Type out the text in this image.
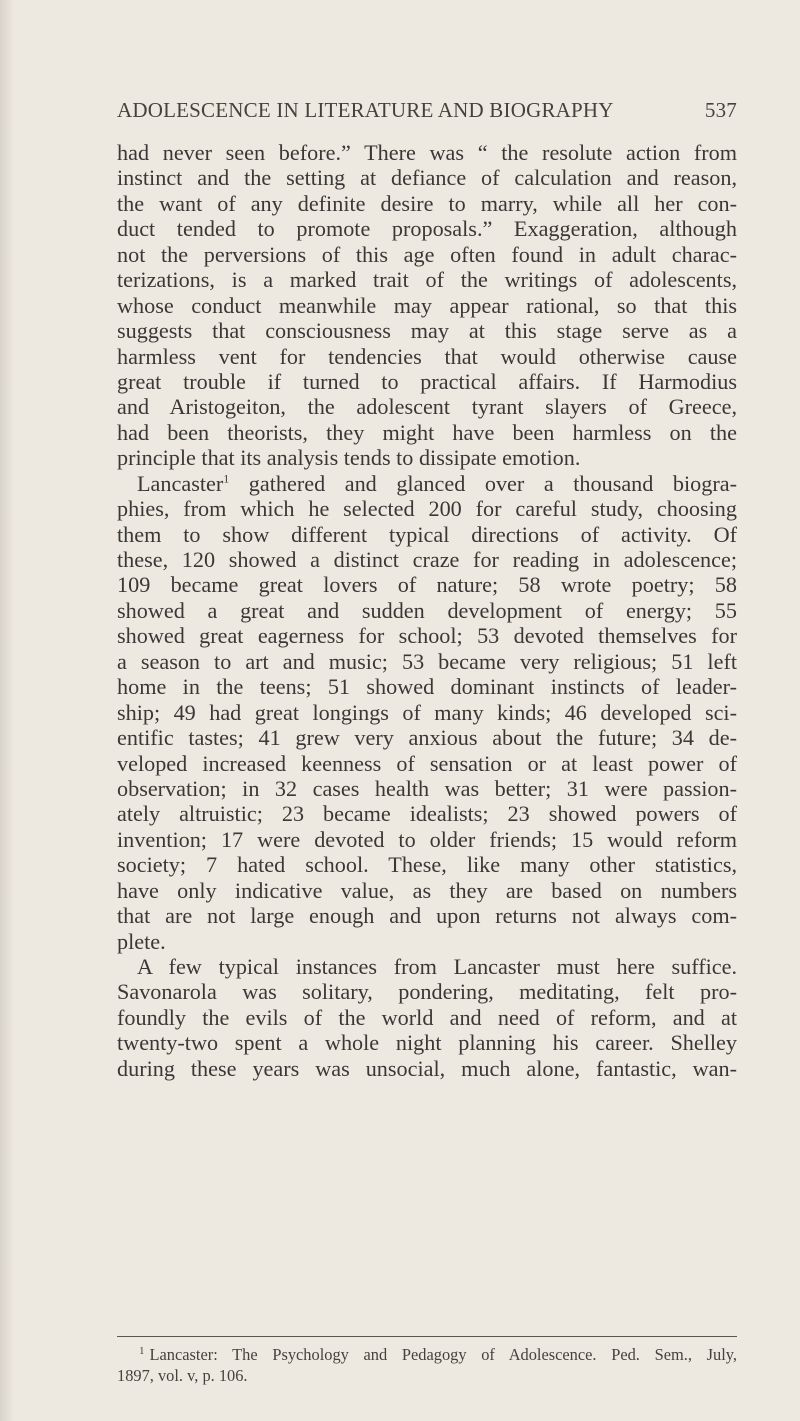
ADOLESCENCE IN LITERATURE AND BIOGRAPHY	537
had never seen before.” There was “ the resolute action from
instinct and the setting at defiance of calculation and reason,
the want of any definite desire to marry, while all her con-
duct tended to promote proposals.” Exaggeration, although
not the perversions of this age often found in adult charac-
terizations, is a marked trait of the writings of adolescents,
whose conduct meanwhile may appear rational, so that this
suggests that consciousness may at this stage serve as a
harmless vent for tendencies that would otherwise cause
great trouble if turned to practical affairs. If Harmodius
and Aristogeiton, the adolescent tyrant slayers of Greece,
had been theorists, they might have been harmless on the
principle that its analysis tends to dissipate emotion.
Lancaster$^1$ gathered and glanced over a thousand biogra-
phies, from which he selected 200 for careful study, choosing
them to show different typical directions of activity. Of
these, 120 showed a distinct craze for reading in adolescence;
109 became great lovers of nature; 58 wrote poetry; 58
showed a great and sudden development of energy; 55
showed great eagerness for school; 53 devoted themselves for
a season to art and music; 53 became very religious; 51 left
home in the teens; 51 showed dominant instincts of leader-
ship; 49 had great longings of many kinds; 46 developed sci-
entific tastes; 41 grew very anxious about the future; 34 de-
veloped increased keenness of sensation or at least power of
observation; in 32 cases health was better; 31 were passion-
ately altruistic; 23 became idealists; 23 showed powers of
invention; 17 were devoted to older friends; 15 would reform
society; 7 hated school. These, like many other statistics,
have only indicative value, as they are based on numbers
that are not large enough and upon returns not always com-
plete.
A few typical instances from Lancaster must here suffice.
Savonarola was solitary, pondering, meditating, felt pro-
foundly the evils of the world and need of reform, and at
twenty-two spent a whole night planning his career. Shelley
during these years was unsocial, much alone, fantastic, wan-
$^1$ Lancaster: The Psychology and Pedagogy of Adolescence. Ped. Sem., July,
1897, vol. v, p. 106.
